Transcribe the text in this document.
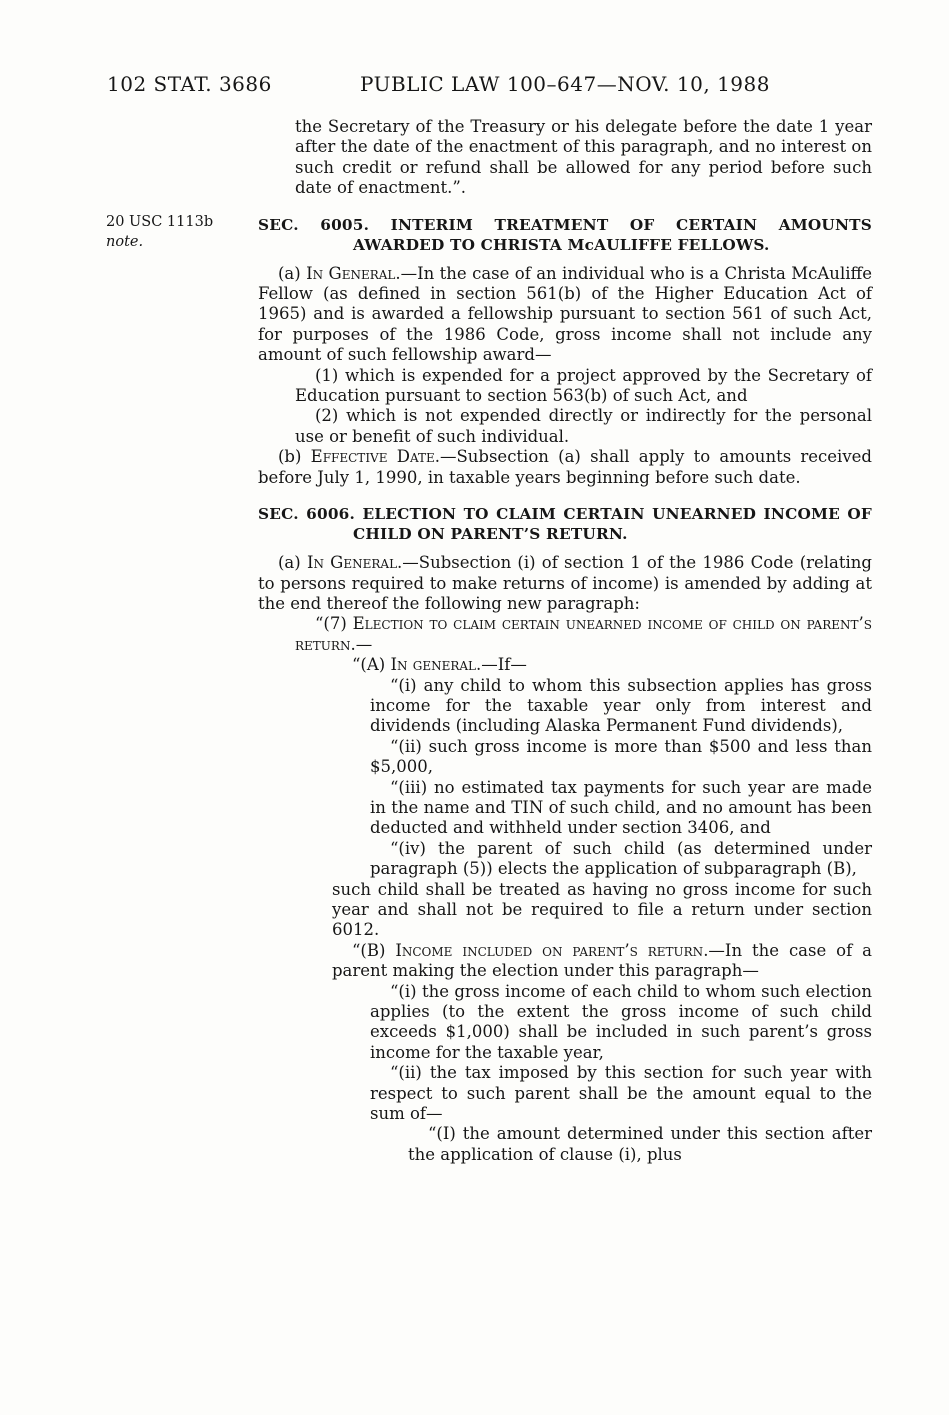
102 STAT. 3686	PUBLIC LAW 100–647—NOV. 10, 1988
20 USC 1113b
note.
the Secretary of the Treasury or his delegate before the date 1 year after the date of the enactment of this paragraph, and no interest on such credit or refund shall be allowed for any period before such date of enactment.”.
SEC. 6005. INTERIM TREATMENT OF CERTAIN AMOUNTS AWARDED TO CHRISTA McAULIFFE FELLOWS.
(a) In General.—In the case of an individual who is a Christa McAuliffe Fellow (as defined in section 561(b) of the Higher Education Act of 1965) and is awarded a fellowship pursuant to section 561 of such Act, for purposes of the 1986 Code, gross income shall not include any amount of such fellowship award—
(1) which is expended for a project approved by the Secretary of Education pursuant to section 563(b) of such Act, and
(2) which is not expended directly or indirectly for the personal use or benefit of such individual.
(b) Effective Date.—Subsection (a) shall apply to amounts received before July 1, 1990, in taxable years beginning before such date.
SEC. 6006. ELECTION TO CLAIM CERTAIN UNEARNED INCOME OF CHILD ON PARENT’S RETURN.
(a) In General.—Subsection (i) of section 1 of the 1986 Code (relating to persons required to make returns of income) is amended by adding at the end thereof the following new paragraph:
“(7) Election to claim certain unearned income of child on parent’s return.—
“(A) In general.—If—
“(i) any child to whom this subsection applies has gross income for the taxable year only from interest and dividends (including Alaska Permanent Fund dividends),
“(ii) such gross income is more than $500 and less than $5,000,
“(iii) no estimated tax payments for such year are made in the name and TIN of such child, and no amount has been deducted and withheld under section 3406, and
“(iv) the parent of such child (as determined under paragraph (5)) elects the application of subparagraph (B),
such child shall be treated as having no gross income for such year and shall not be required to file a return under section 6012.
“(B) Income included on parent’s return.—In the case of a parent making the election under this paragraph—
“(i) the gross income of each child to whom such election applies (to the extent the gross income of such child exceeds $1,000) shall be included in such parent’s gross income for the taxable year,
“(ii) the tax imposed by this section for such year with respect to such parent shall be the amount equal to the sum of—
“(I) the amount determined under this section after the application of clause (i), plus
